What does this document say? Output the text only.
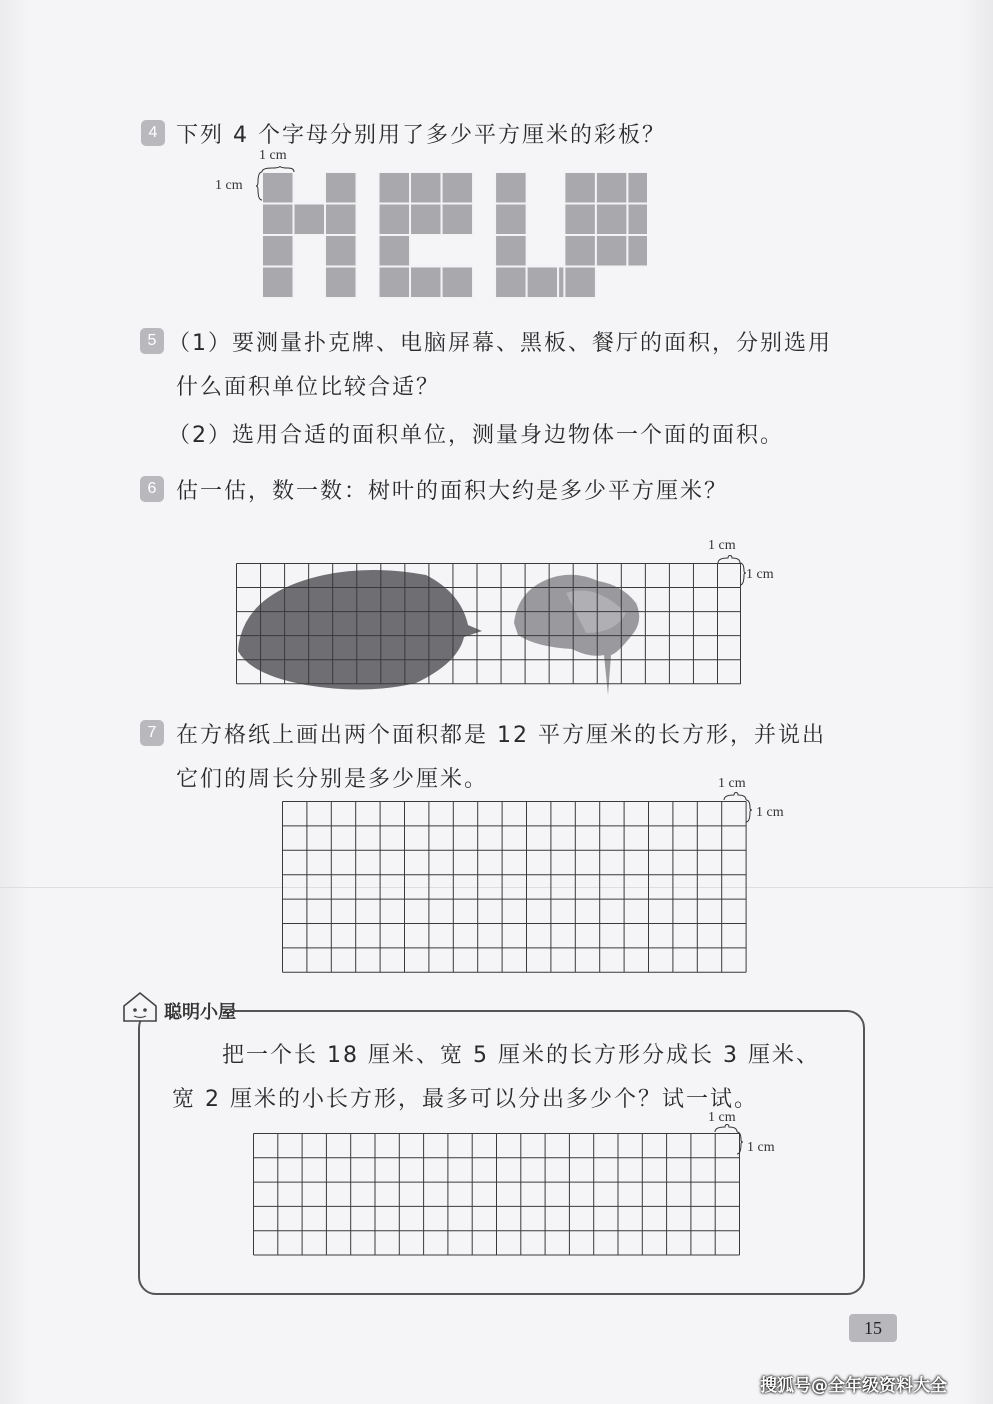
4 下列 4 个字母分别用了多少平方厘米的彩板？
1 cm
1 cm
5 （1）要测量扑克牌、电脑屏幕、黑板、餐厅的面积，分别选用
什么面积单位比较合适？
（2）选用合适的面积单位，测量身边物体一个面的面积。
6 估一估，数一数：树叶的面积大约是多少平方厘米？
1 cm
1 cm
7 在方格纸上画出两个面积都是 12 平方厘米的长方形，并说出
它们的周长分别是多少厘米。	1 cm
1 cm
聪明小屋
把一个长 18 厘米、宽 5 厘米的长方形分成长 3 厘米、
宽 2 厘米的小长方形，最多可以分出多少个？试一试。
1 cm
1 cm
15
搜狐号@全年级资料大全
